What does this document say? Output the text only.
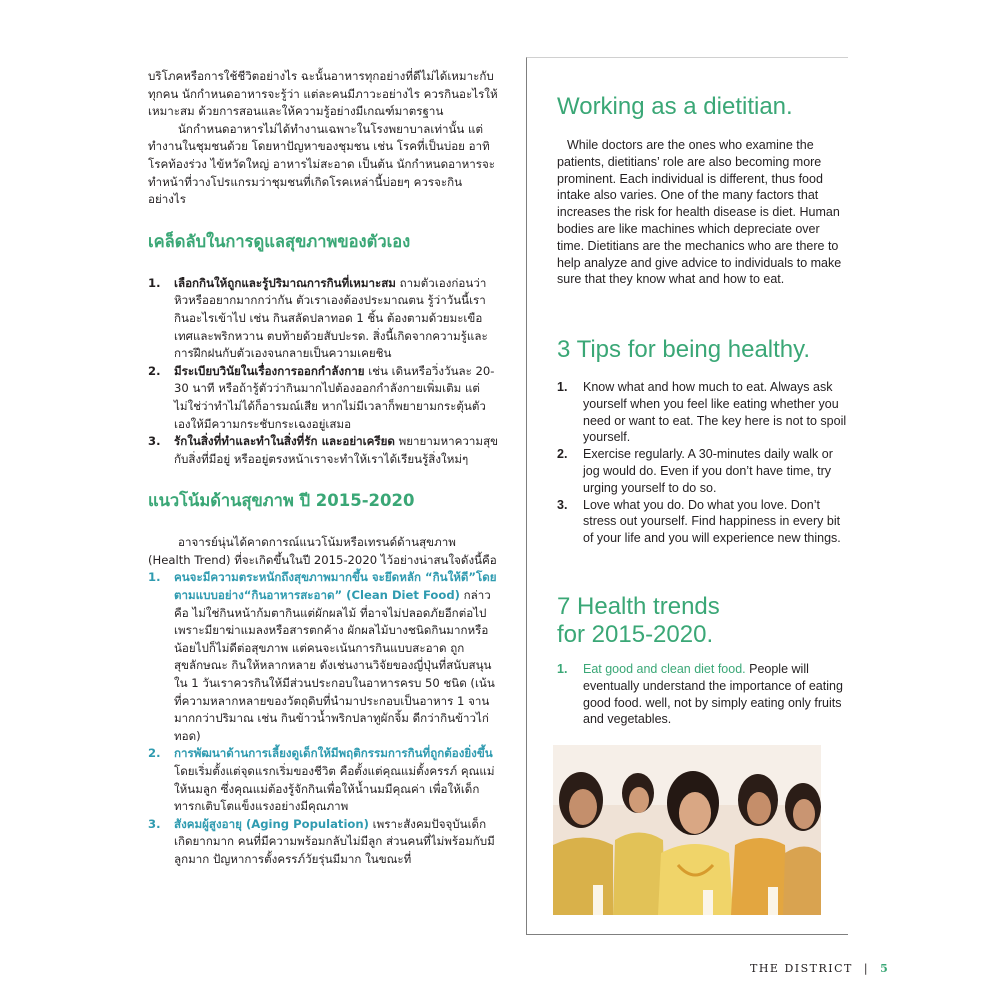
บริโภคหรือการใช้ชีวิตอย่างไร ฉะนั้นอาหารทุกอย่างที่ดีไม่ได้เหมาะกับทุกคน นักกำหนดอาหารจะรู้ว่า แต่ละคนมีภาวะอย่างไร ควรกินอะไรให้เหมาะสม ด้วยการสอนและให้ความรู้อย่างมีเกณฑ์มาตรฐาน

นักกำหนดอาหารไม่ได้ทำงานเฉพาะในโรงพยาบาลเท่านั้น แต่ทำงานในชุมชนด้วย โดยหาปัญหาของชุมชน เช่น โรคที่เป็นบ่อย อาทิ โรคท้องร่วง ไข้หวัดใหญ่ อาหารไม่สะอาด เป็นต้น นักกำหนดอาหารจะทำหน้าที่วางโปรแกรมว่าชุมชนที่เกิดโรคเหล่านี้บ่อยๆ ควรจะกินอย่างไร

เคล็ดลับในการดูแลสุขภาพของตัวเอง
1. เลือกกินให้ถูกและรู้ปริมาณการกินที่เหมาะสม ถามตัวเองก่อนว่าหิวหรืออยากมากกว่ากัน ตัวเราเองต้องประมาณตน รู้ว่าวันนี้เรากินอะไรเข้าไป เช่น กินสลัดปลาทอด 1 ชิ้น ต้องตามด้วยมะเขือเทศและพริกหวาน ตบท้ายด้วยสับปะรด. สิ่งนี้เกิดจากความรู้และการฝึกฝนกับตัวเองจนกลายเป็นความเคยชิน
2. มีระเบียบวินัยในเรื่องการออกกำลังกาย เช่น เดินหรือวิ่งวันละ 20-30 นาที หรือถ้ารู้ตัวว่ากินมากไปต้องออกกำลังกายเพิ่มเติม แต่ไม่ใช่ว่าทำไม่ได้ก็อารมณ์เสีย หากไม่มีเวลาก็พยายามกระตุ้นตัวเองให้มีความกระชับกระเฉงอยู่เสมอ
3. รักในสิ่งที่ทำและทำในสิ่งที่รัก และอย่าเครียด พยายามหาความสุขกับสิ่งที่มีอยู่ หรืออยู่ตรงหน้าเราจะทำให้เราได้เรียนรู้สิ่งใหม่ๆ
แนวโน้มด้านสุขภาพ ปี 2015-2020

อาจารย์นุ่นได้คาดการณ์แนวโน้มหรือเทรนด์ด้านสุขภาพ (Health Trend) ที่จะเกิดขึ้นในปี 2015-2020 ไว้อย่างน่าสนใจดังนี้คือ

1. คนจะมีความตระหนักถึงสุขภาพมากขึ้น จะยึดหลัก “กินให้ดี”โดยตามแบบอย่าง“กินอาหารสะอาด” (Clean Diet Food) กล่าวคือ ไม่ใช่กินหน้าก้มตากินแต่ผักผลไม้ ที่อาจไม่ปลอดภัยอีกต่อไปเพราะมียาฆ่าแมลงหรือสารตกค้าง ผักผลไม้บางชนิดกินมากหรือน้อยไปก็ไม่ดีต่อสุขภาพ แต่คนจะเน้นการกินแบบสะอาด ถูกสุขลักษณะ กินให้หลากหลาย ดังเช่นงานวิจัยของญี่ปุ่นที่สนับสนุนใน 1 วันเราควรกินให้มีส่วนประกอบในอาหารครบ 50 ชนิด (เน้นที่ความหลากหลายของวัตถุดิบที่นำมาประกอบเป็นอาหาร 1 จานมากกว่าปริมาณ เช่น กินข้าวน้ำพริกปลาทูผักจิ้ม ดีกว่ากินข้าวไก่ทอด)
2. การพัฒนาด้านการเลี้ยงดูเด็กให้มีพฤติกรรมการกินที่ถูกต้องยิ่งขึ้น โดยเริ่มตั้งแต่จุดแรกเริ่มของชีวิต คือตั้งแต่คุณแม่ตั้งครรภ์ คุณแม่ให้นมลูก ซึ่งคุณแม่ต้องรู้จักกินเพื่อให้น้ำนมมีคุณค่า เพื่อให้เด็กทารกเติบโตแข็งแรงอย่างมีคุณภาพ
3. สังคมผู้สูงอายุ (Aging Population) เพราะสังคมปัจจุบันเด็กเกิดยากมาก คนที่มีความพร้อมกลับไม่มีลูก ส่วนคนที่ไม่พร้อมกับมีลูกมาก ปัญหาการตั้งครรภ์วัยรุ่นมีมาก ในขณะที่
Working as a dietitian.

While doctors are the ones who examine the patients, dietitians’ role are also becoming more prominent. Each individual is different, thus food intake also varies. One of the many factors that increases the risk for health disease is diet. Human bodies are like machines which depreciate over time. Dietitians are the mechanics who are there to help analyze and give advice to individuals to make sure that they know what and how to eat.

3 Tips for being healthy.
1. Know what and how much to eat. Always ask yourself when you feel like eating whether you need or want to eat. The key here is not to spoil yourself.
2. Exercise regularly. A 30-minutes daily walk or jog would do. Even if you don’t have time, try urging yourself to do so.
3. Love what you do. Do what you love. Don’t stress out yourself. Find happiness in every bit of your life and you will experience new things.
7 Health trends
for 2015-2020.
1. Eat good and clean diet food. People will eventually understand the importance of eating good food. well, not by simply eating only fruits and vegetables.
THE DISTRICT | 5
